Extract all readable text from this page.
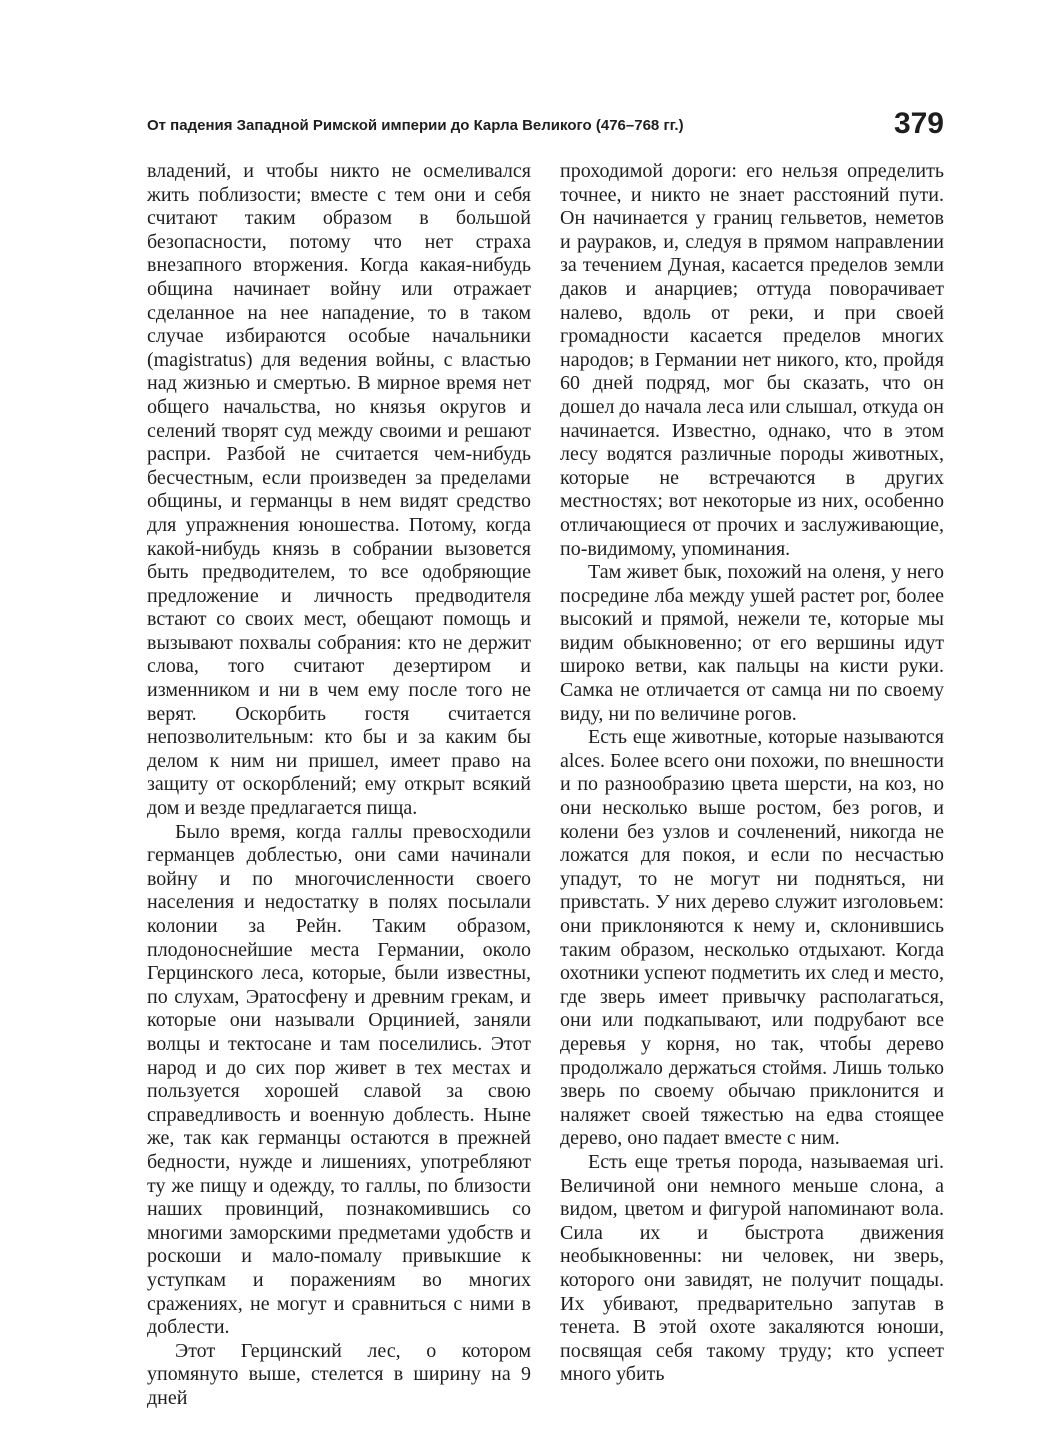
От падения Западной Римской империи до Карла Великого (476–768 гг.)	379

владений, и чтобы никто не осмеливался жить поблизости; вместе с тем они и себя считают таким образом в большой безопасности, потому что нет страха внезапного вторжения. Когда какая-нибудь община начинает войну или отражает сделанное на нее нападение, то в таком случае избираются особые начальники (magistratus) для ведения войны, с властью над жизнью и смертью. В мирное время нет общего начальства, но князья округов и селений творят суд между своими и решают распри. Разбой не считается чем-нибудь бесчестным, если произведен за пределами общины, и германцы в нем видят средство для упражнения юношества. Потому, когда какой-нибудь князь в собрании вызовется быть предводителем, то все одобряющие предложение и личность предводителя встают со своих мест, обещают помощь и вызывают похвалы собрания: кто не держит слова, того считают дезертиром и изменником и ни в чем ему после того не верят. Оскорбить гостя считается непозволительным: кто бы и за каким бы делом к ним ни пришел, имеет право на защиту от оскорблений; ему открыт всякий дом и везде предлагается пища.

Было время, когда галлы превосходили германцев доблестью, они сами начинали войну и по многочисленности своего населения и недостатку в полях посылали колонии за Рейн. Таким образом, плодоноснейшие места Германии, около Герцинского леса, которые, были известны, по слухам, Эратосфену и древним грекам, и которые они называли Орцинией, заняли волцы и тектосане и там поселились. Этот народ и до сих пор живет в тех местах и пользуется хорошей славой за свою справедливость и военную доблесть. Ныне же, так как германцы остаются в прежней бедности, нужде и лишениях, употребляют ту же пищу и одежду, то галлы, по близости наших провинций, познакомившись со многими заморскими предметами удобств и роскоши и мало-помалу привыкшие к уступкам и поражениям во многих сражениях, не могут и сравниться с ними в доблести.

Этот Герцинский лес, о котором упомянуто выше, стелется в ширину на 9 дней

проходимой дороги: его нельзя определить точнее, и никто не знает расстояний пути. Он начинается у границ гельветов, неметов и раураков, и, следуя в прямом направлении за течением Дуная, касается пределов земли даков и анарциев; оттуда поворачивает налево, вдоль от реки, и при своей громадности касается пределов многих народов; в Германии нет никого, кто, пройдя 60 дней подряд, мог бы сказать, что он дошел до начала леса или слышал, откуда он начинается. Известно, однако, что в этом лесу водятся различные породы животных, которые не встречаются в других местностях; вот некоторые из них, особенно отличающиеся от прочих и заслуживающие, по-видимому, упоминания.

Там живет бык, похожий на оленя, у него посредине лба между ушей растет рог, более высокий и прямой, нежели те, которые мы видим обыкновенно; от его вершины идут широко ветви, как пальцы на кисти руки. Самка не отличается от самца ни по своему виду, ни по величине рогов.

Есть еще животные, которые называются alces. Более всего они похожи, по внешности и по разнообразию цвета шерсти, на коз, но они несколько выше ростом, без рогов, и колени без узлов и сочленений, никогда не ложатся для покоя, и если по несчастью упадут, то не могут ни подняться, ни привстать. У них дерево служит изголовьем: они приклоняются к нему и, склонившись таким образом, несколько отдыхают. Когда охотники успеют подметить их след и место, где зверь имеет привычку располагаться, они или подкапывают, или подрубают все деревья у корня, но так, чтобы дерево продолжало держаться стоймя. Лишь только зверь по своему обычаю приклонится и наляжет своей тяжестью на едва стоящее дерево, оно падает вместе с ним.

Есть еще третья порода, называемая uri. Величиной они немного меньше слона, а видом, цветом и фигурой напоминают вола. Сила их и быстрота движения необыкновенны: ни человек, ни зверь, которого они завидят, не получит пощады. Их убивают, предварительно запутав в тенета. В этой охоте закаляются юноши, посвящая себя такому труду; кто успеет много убить
